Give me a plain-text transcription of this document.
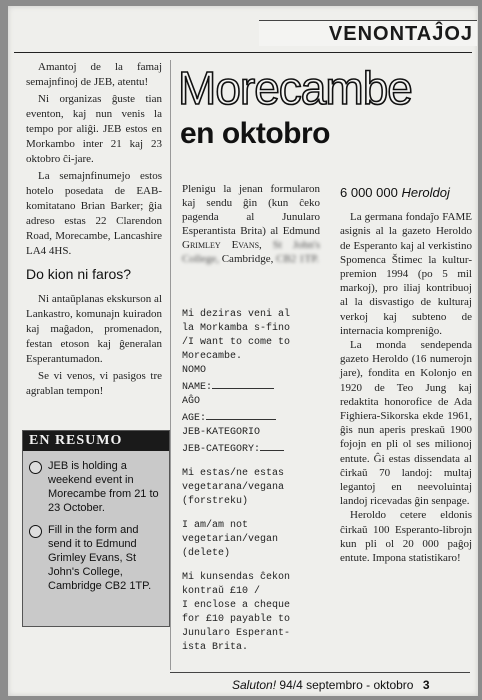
VENONTAĴOJ

Amantoj de la famaj semajnfinoj de JEB, atentu!

Ni organizas ĝuste tian eventon, kaj nun venis la tempo por aliĝi. JEB estos en Morkambo inter 21 kaj 23 oktobro ĉi-jare.

La semajnfinumejo estos hotelo posedata de EAB-komitatano Brian Barker; ĝia adreso estas 22 Clarendon Road, Morecambe, Lancashire LA4 4HS.

Do kion ni faros?

Ni antaŭplanas ekskurson al Lankastro, komunajn kuiradon kaj maĝadon, promenadon, festan etoson kaj ĝeneralan Esperantumadon.

Se vi venos, vi pasigos tre agrablan tempon!

EN RESUMO
JEB is holding a weekend event in Morecambe from 21 to 23 October.
Fill in the form and send it to Edmund Grimley Evans, St John's College, Cambridge CB2 1TP.
Morecambe
en oktobro
Plenigu la jenan formularon kaj sendu ĝin (kun ĉeko pagenda al Junularo Esperantista Brita) al Edmund Grimley Evans, St John's College, Cambridge, CB2 1TP.
Mi deziras veni al
la Morkamba s-fino
/I want to come to
Morecambe.
NOMO
NAME:
AĜO
AGE:
JEB-KATEGORIO
JEB-CATEGORY:
Mi estas/ne estas
vegetarana/vegana
(forstreku)
I am/am not
vegetarian/vegan
(delete)
Mi kunsendas ĉekon
kontraŭ £10 /
I enclose a cheque
for £10 payable to
Junularo Esperant-
ista Brita.
6 000 000 Heroldoj

La germana fondaĵo FAME asignis al la gazeto Heroldo de Esperanto kaj al verkistino Spomenca Štimec la kultur-premion 1994 (po 5 mil markoj), pro iliaj kontribuoj al la disvastigo de kulturaj verkoj kaj subteno de internacia kompreniĝo.

La monda sendependa gazeto Heroldo (16 numerojn jare), fondita en Kolonjo en 1920 de Teo Jung kaj redaktita honorofice de Ada Fighiera-Sikorska ekde 1961, ĝis nun aperis preskaŭ 1900 fojojn en pli ol ses milionoj entute. Ĝi estas dissendata al ĉirkaŭ 70 landoj: multaj legantoj en neevoluintaj landoj ricevadas ĝin senpage.

Heroldo cetere eldonis ĉirkaŭ 100 Esperanto-librojn kun pli ol 20 000 paĝoj entute. Impona statistikaro!

Saluton! 94/4 septembro - oktobro 3
